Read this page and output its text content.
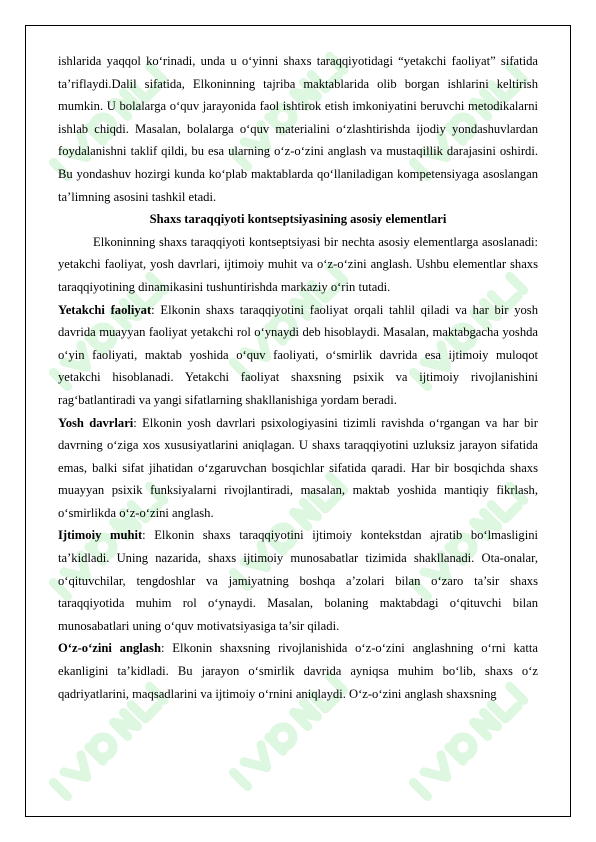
ishlarida yaqqol ko‘rinadi, unda u o‘yinni shaxs taraqqiyotidagi “yetakchi faoliyat” sifatida ta’riflaydi.Dalil sifatida, Elkoninning tajriba maktablarida olib borgan ishlarini keltirish mumkin. U bolalarga o‘quv jarayonida faol ishtirok etish imkoniyatini beruvchi metodikalarni ishlab chiqdi. Masalan, bolalarga o‘quv materialini o‘zlashtirishda ijodiy yondashuvlardan foydalanishni taklif qildi, bu esa ularning o‘z-o‘zini anglash va mustaqillik darajasini oshirdi. Bu yondashuv hozirgi kunda ko‘plab maktablarda qo‘llaniladigan kompetensiyaga asoslangan ta’limning asosini tashkil etadi.

Shaxs taraqqiyoti kontseptsiyasining asosiy elementlari

Elkoninning shaxs taraqqiyoti kontseptsiyasi bir nechta asosiy elementlarga asoslanadi: yetakchi faoliyat, yosh davrlari, ijtimoiy muhit va o‘z-o‘zini anglash. Ushbu elementlar shaxs taraqqiyotining dinamikasini tushuntirishda markaziy o‘rin tutadi.

Yetakchi faoliyat: Elkonin shaxs taraqqiyotini faoliyat orqali tahlil qiladi va har bir yosh davrida muayyan faoliyat yetakchi rol o‘ynaydi deb hisoblaydi. Masalan, maktabgacha yoshda o‘yin faoliyati, maktab yoshida o‘quv faoliyati, o‘smirlik davrida esa ijtimoiy muloqot yetakchi hisoblanadi. Yetakchi faoliyat shaxsning psixik va ijtimoiy rivojlanishini rag‘batlantiradi va yangi sifatlarning shakllanishiga yordam beradi.

Yosh davrlari: Elkonin yosh davrlari psixologiyasini tizimli ravishda o‘rgangan va har bir davrning o‘ziga xos xususiyatlarini aniqlagan. U shaxs taraqqiyotini uzluksiz jarayon sifatida emas, balki sifat jihatidan o‘zgaruvchan bosqichlar sifatida qaradi. Har bir bosqichda shaxs muayyan psixik funksiyalarni rivojlantiradi, masalan, maktab yoshida mantiqiy fikrlash, o‘smirlikda o‘z-o‘zini anglash.

Ijtimoiy muhit: Elkonin shaxs taraqqiyotini ijtimoiy kontekstdan ajratib bo‘lmasligini ta’kidladi. Uning nazarida, shaxs ijtimoiy munosabatlar tizimida shakllanadi. Ota-onalar, o‘qituvchilar, tengdoshlar va jamiyatning boshqa a’zolari bilan o‘zaro ta’sir shaxs taraqqiyotida muhim rol o‘ynaydi. Masalan, bolaning maktabdagi o‘qituvchi bilan munosabatlari uning o‘quv motivatsiyasiga ta’sir qiladi.

O‘z-o‘zini anglash: Elkonin shaxsning rivojlanishida o‘z-o‘zini anglashning o‘rni katta ekanligini ta’kidladi. Bu jarayon o‘smirlik davrida ayniqsa muhim bo‘lib, shaxs o‘z qadriyatlarini, maqsadlarini va ijtimoiy o‘rnini aniqlaydi. O‘z-o‘zini anglash shaxsning
